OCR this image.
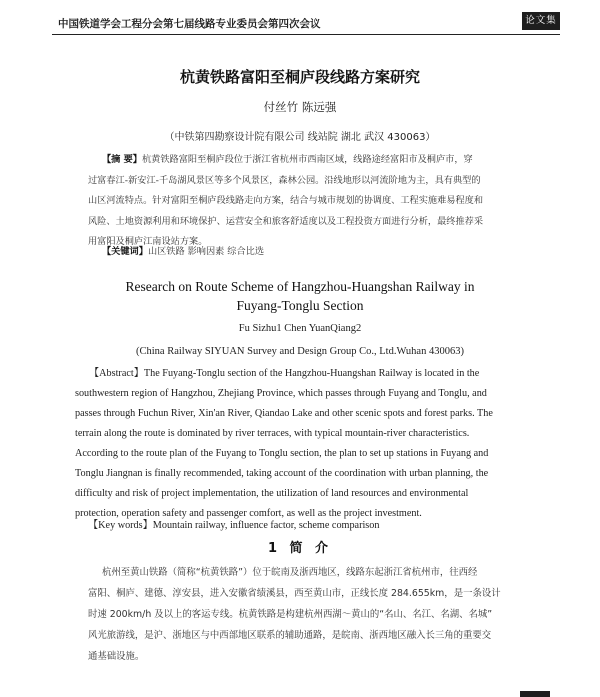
中国铁道学会工程分会第七届线路专业委员会第四次会议	论文集
杭黄铁路富阳至桐庐段线路方案研究
付丝竹 陈远强
（中铁第四勘察设计院有限公司 线站院 湖北 武汉 430063）
【摘 要】杭黄铁路富阳至桐庐段位于浙江省杭州市西南区域，线路途经富阳市及桐庐市，穿
过富春江-新安江-千岛湖风景区等多个风景区，森林公园。沿线地形以河流阶地为主，具有典型的
山区河流特点。针对富阳至桐庐段线路走向方案，结合与城市规划的协调度、工程实施难易程度和
风险、土地资源利用和环境保护、运营安全和旅客舒适度以及工程投资方面进行分析，最终推荐采
用富阳及桐庐江南设站方案。
【关键词】山区铁路 影响因素 综合比选
Research on Route Scheme of Hangzhou-Huangshan Railway in
Fuyang-Tonglu Section
Fu Sizhu1 Chen YuanQiang2
(China Railway SIYUAN Survey and Design Group Co., Ltd.Wuhan 430063)
【Abstract】The Fuyang-Tonglu section of the Hangzhou-Huangshan Railway is located in the
southwestern region of Hangzhou, Zhejiang Province, which passes through Fuyang and Tonglu, and
passes through Fuchun River, Xin'an River, Qiandao Lake and other scenic spots and forest parks. The
terrain along the route is dominated by river terraces, with typical mountain-river characteristics.
According to the route plan of the Fuyang to Tonglu section, the plan to set up stations in Fuyang and
Tonglu Jiangnan is finally recommended, taking account of the coordination with urban planning, the
difficulty and risk of project implementation, the utilization of land resources and environmental
protection, operation safety and passenger comfort, as well as the project investment.
【Key words】Mountain railway, influence factor, scheme comparison
1 简 介
杭州至黄山铁路（简称“杭黄铁路”）位于皖南及浙西地区，线路东起浙江省杭州市，往西经
富阳、桐庐、建德、淳安县，进入安徽省绩溪县，西至黄山市，正线长度 284.655km，是一条设计
时速 200km/h 及以上的客运专线。杭黄铁路是构建杭州西湖～黄山的“名山、名江、名湖、名城”
风光旅游线，是沪、浙地区与中西部地区联系的辅助通路，是皖南、浙西地区融入长三角的重要交
通基础设施。
